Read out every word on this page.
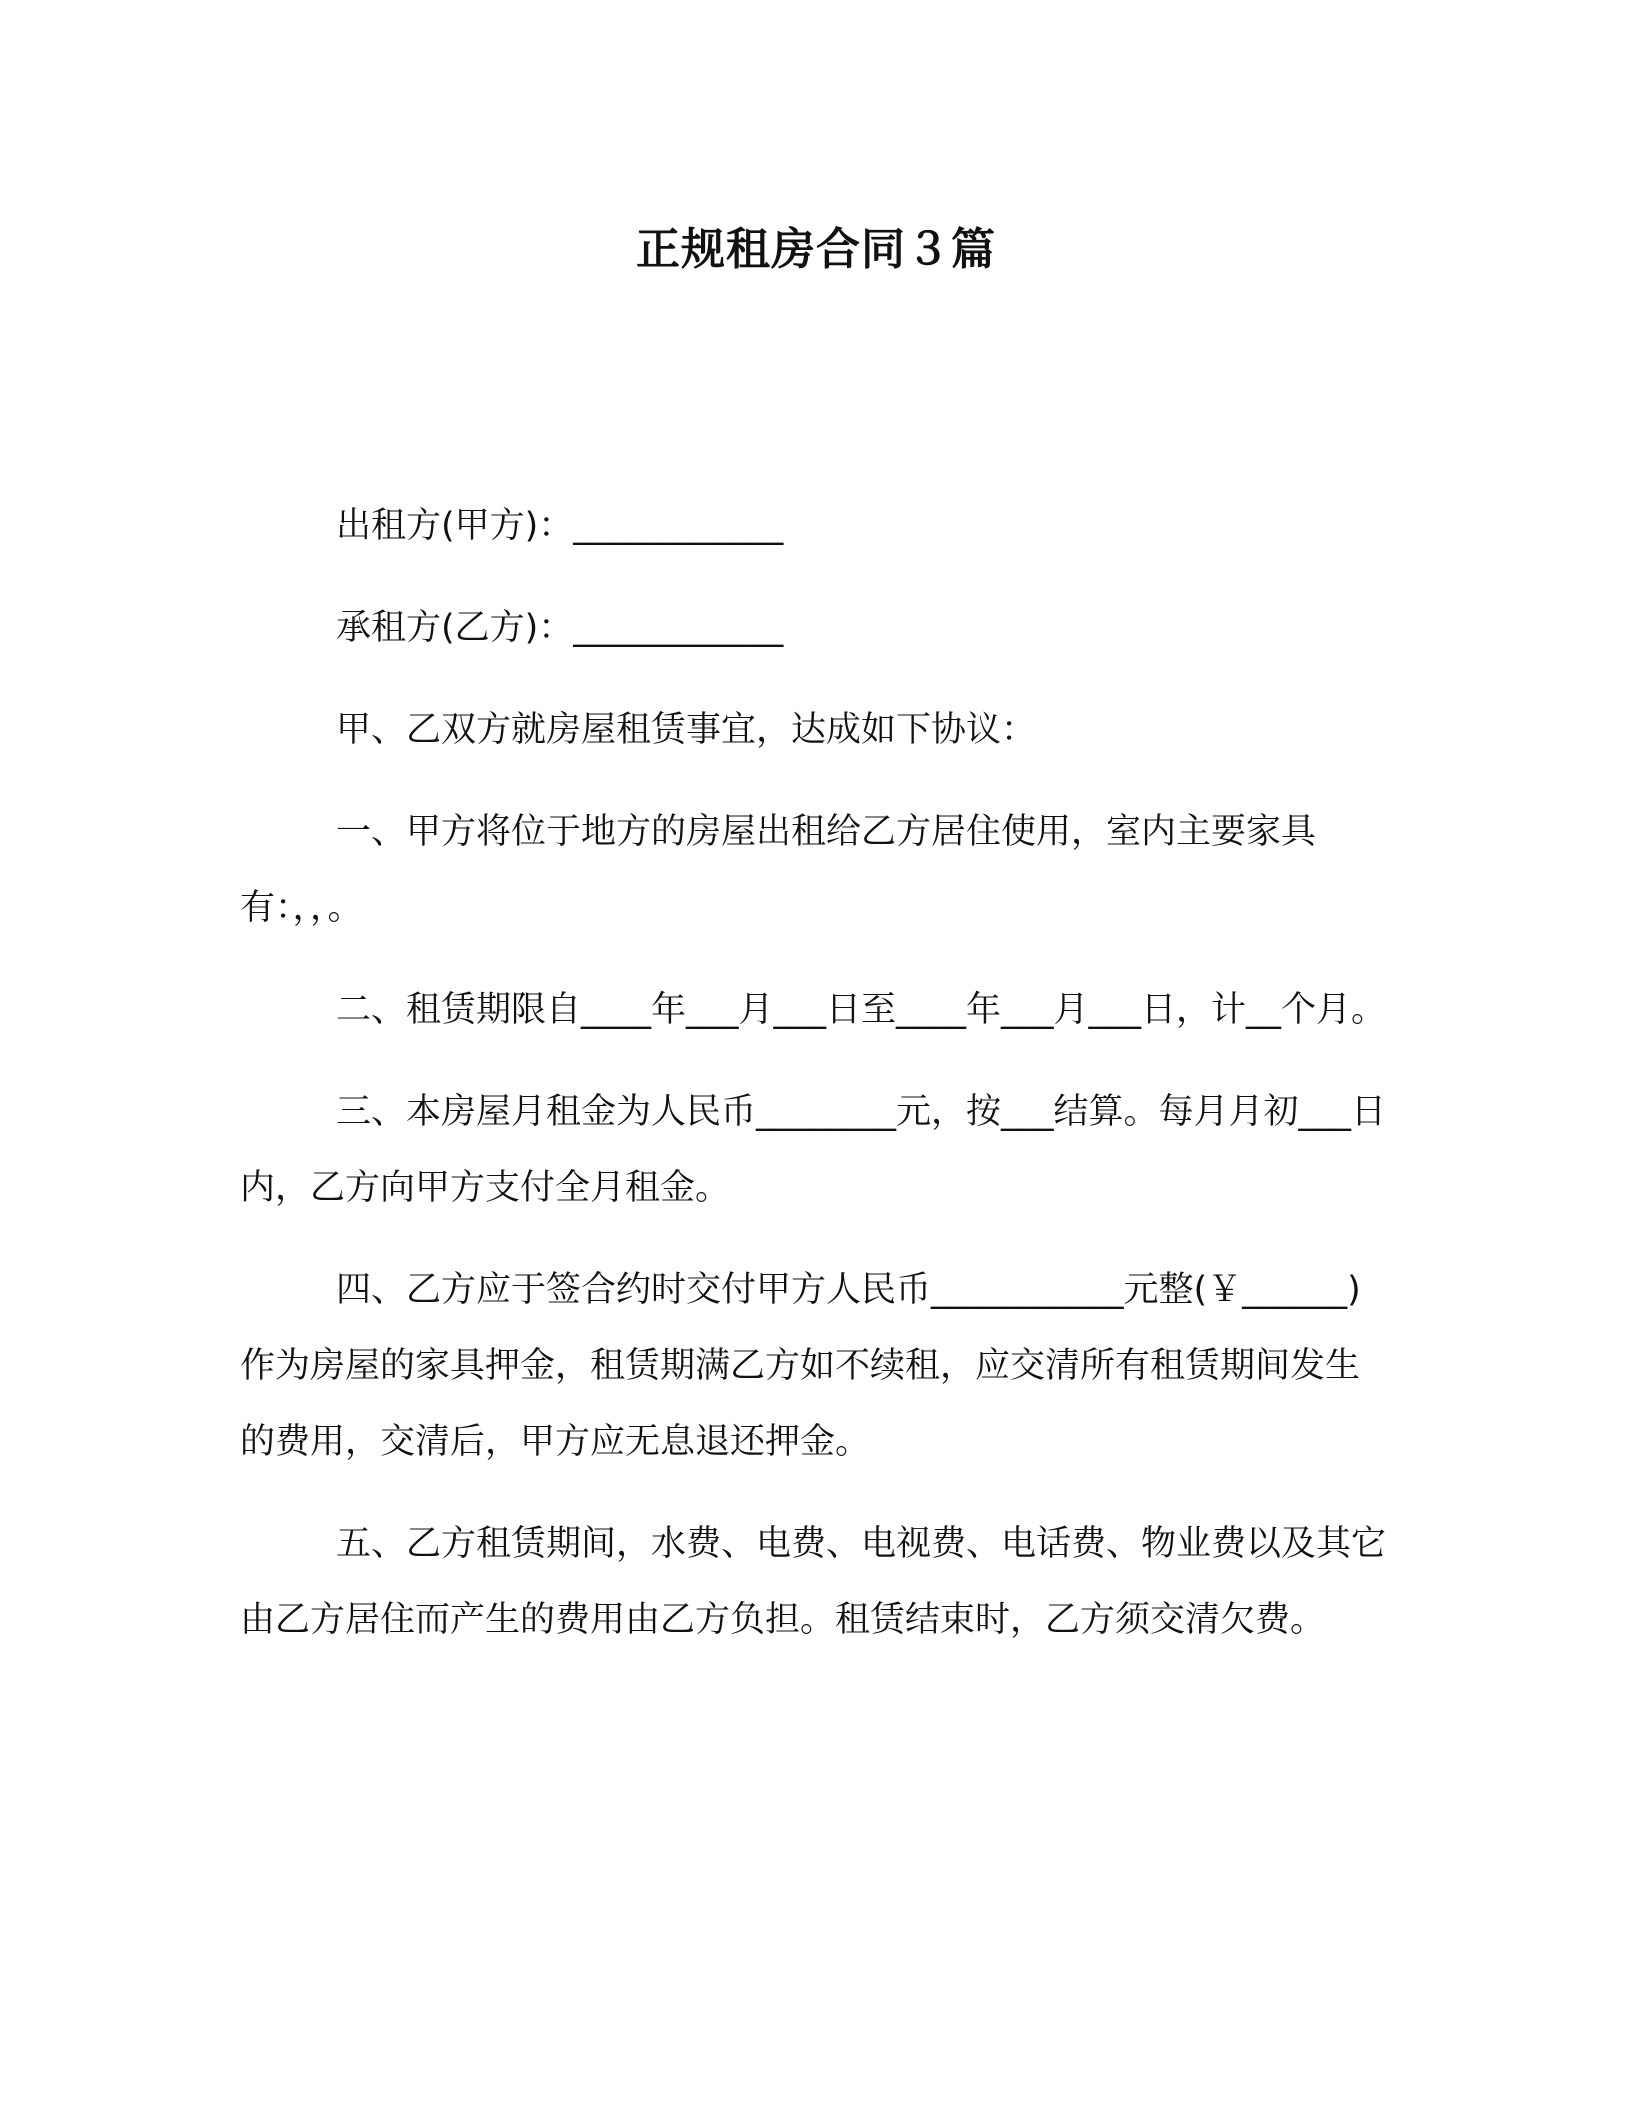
正规租房合同３篇

出租方(甲方)：____________

承租方(乙方)：____________

甲、乙双方就房屋租赁事宜，达成如下协议：

一、甲方将位于地方的房屋出租给乙方居住使用，室内主要家具有：，，。

二、租赁期限自____年___月___日至____年___月___日，计__个月。

三、本房屋月租金为人民币________元，按___结算。每月月初___日内，乙方向甲方支付全月租金。

四、乙方应于签合约时交付甲方人民币___________元整(￥______)作为房屋的家具押金，租赁期满乙方如不续租，应交清所有租赁期间发生的费用，交清后，甲方应无息退还押金。

五、乙方租赁期间，水费、电费、电视费、电话费、物业费以及其它由乙方居住而产生的费用由乙方负担。租赁结束时，乙方须交清欠费。
